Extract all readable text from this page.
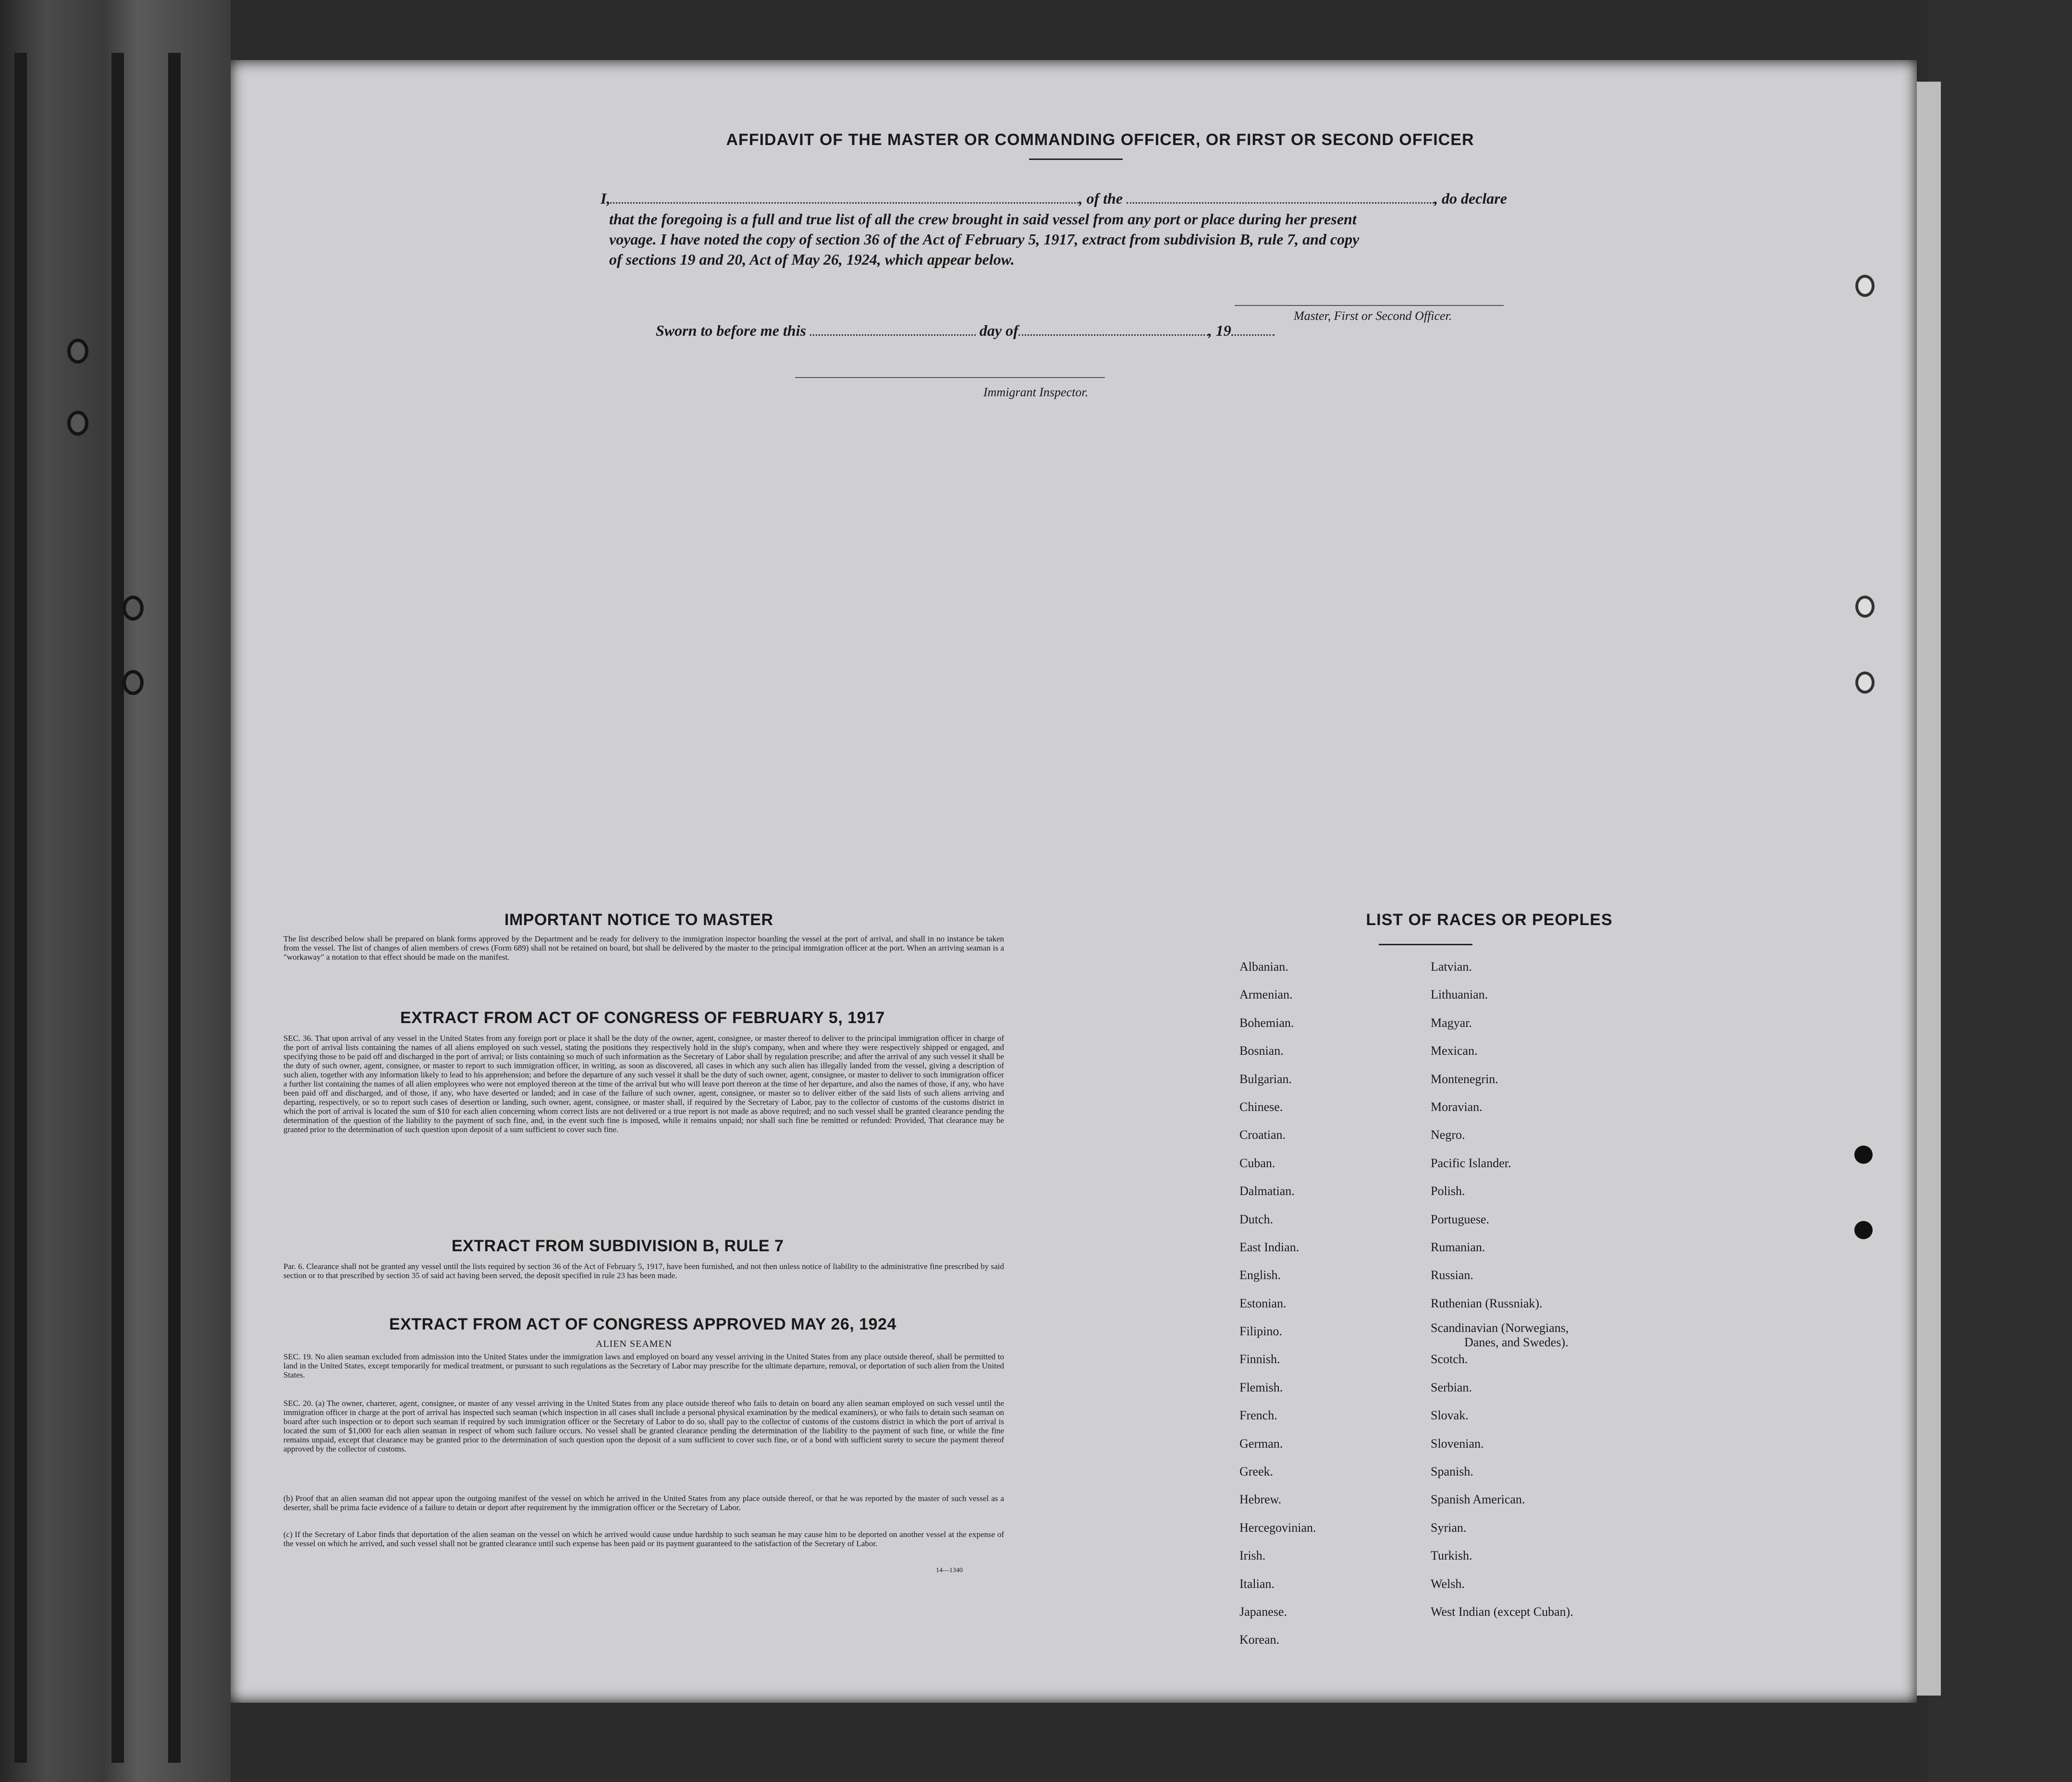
AFFIDAVIT OF THE MASTER OR COMMANDING OFFICER, OR FIRST OR SECOND OFFICER
I,	, of the	, do declare
that the foregoing is a full and true list of all the crew brought in said vessel from any port or place during her present
voyage. I have noted the copy of section 36 of the Act of February 5, 1917, extract from subdivision B, rule 7, and copy
of sections 19 and 20, Act of May 26, 1924, which appear below.
Master, First or Second Officer.
Sworn to before me this	day of	, 19
Immigrant Inspector.
IMPORTANT NOTICE TO MASTER
The list described below shall be prepared on blank forms approved by the Department and be ready for delivery to the immigration inspector boarding the vessel at the port of arrival, and shall in no instance be taken from the vessel. The list of changes of alien members of crews (Form 689) shall not be retained on board, but shall be delivered by the master to the principal immigration officer at the port. When an arriving seaman is a "workaway" a notation to that effect should be made on the manifest.
EXTRACT FROM ACT OF CONGRESS OF FEBRUARY 5, 1917
SEC. 36. That upon arrival of any vessel in the United States from any foreign port or place it shall be the duty of the owner, agent, consignee, or master thereof to deliver to the principal immigration officer in charge of the port of arrival lists containing the names of all aliens employed on such vessel, stating the positions they respectively hold in the ship's company, when and where they were respectively shipped or engaged, and specifying those to be paid off and discharged in the port of arrival; or lists containing so much of such information as the Secretary of Labor shall by regulation prescribe; and after the arrival of any such vessel it shall be the duty of such owner, agent, consignee, or master to report to such immigration officer, in writing, as soon as discovered, all cases in which any such alien has illegally landed from the vessel, giving a description of such alien, together with any information likely to lead to his apprehension; and before the departure of any such vessel it shall be the duty of such owner, agent, consignee, or master to deliver to such immigration officer a further list containing the names of all alien employees who were not employed thereon at the time of the arrival but who will leave port thereon at the time of her departure, and also the names of those, if any, who have been paid off and discharged, and of those, if any, who have deserted or landed; and in case of the failure of such owner, agent, consignee, or master so to deliver either of the said lists of such aliens arriving and departing, respectively, or so to report such cases of desertion or landing, such owner, agent, consignee, or master shall, if required by the Secretary of Labor, pay to the collector of customs of the customs district in which the port of arrival is located the sum of $10 for each alien concerning whom correct lists are not delivered or a true report is not made as above required; and no such vessel shall be granted clearance pending the determination of the question of the liability to the payment of such fine, and, in the event such fine is imposed, while it remains unpaid; nor shall such fine be remitted or refunded: Provided, That clearance may be granted prior to the determination of such question upon deposit of a sum sufficient to cover such fine.
EXTRACT FROM SUBDIVISION B, RULE 7
Par. 6. Clearance shall not be granted any vessel until the lists required by section 36 of the Act of February 5, 1917, have been furnished, and not then unless notice of liability to the administrative fine prescribed by said section or to that prescribed by section 35 of said act having been served, the deposit specified in rule 23 has been made.
EXTRACT FROM ACT OF CONGRESS APPROVED MAY 26, 1924
ALIEN SEAMEN
SEC. 19. No alien seaman excluded from admission into the United States under the immigration laws and employed on board any vessel arriving in the United States from any place outside thereof, shall be permitted to land in the United States, except temporarily for medical treatment, or pursuant to such regulations as the Secretary of Labor may prescribe for the ultimate departure, removal, or deportation of such alien from the United States.
SEC. 20. (a) The owner, charterer, agent, consignee, or master of any vessel arriving in the United States from any place outside thereof who fails to detain on board any alien seaman employed on such vessel until the immigration officer in charge at the port of arrival has inspected such seaman (which inspection in all cases shall include a personal physical examination by the medical examiners), or who fails to detain such seaman on board after such inspection or to deport such seaman if required by such immigration officer or the Secretary of Labor to do so, shall pay to the collector of customs of the customs district in which the port of arrival is located the sum of $1,000 for each alien seaman in respect of whom such failure occurs. No vessel shall be granted clearance pending the determination of the liability to the payment of such fine, or while the fine remains unpaid, except that clearance may be granted prior to the determination of such question upon the deposit of a sum sufficient to cover such fine, or of a bond with sufficient surety to secure the payment thereof approved by the collector of customs.
(b) Proof that an alien seaman did not appear upon the outgoing manifest of the vessel on which he arrived in the United States from any place outside thereof, or that he was reported by the master of such vessel as a deserter, shall be prima facie evidence of a failure to detain or deport after requirement by the immigration officer or the Secretary of Labor.
(c) If the Secretary of Labor finds that deportation of the alien seaman on the vessel on which he arrived would cause undue hardship to such seaman he may cause him to be deported on another vessel at the expense of the vessel on which he arrived, and such vessel shall not be granted clearance until such expense has been paid or its payment guaranteed to the satisfaction of the Secretary of Labor.
14—1340
LIST OF RACES OR PEOPLES
Albanian.
Armenian.
Bohemian.
Bosnian.
Bulgarian.
Chinese.
Croatian.
Cuban.
Dalmatian.
Dutch.
East Indian.
English.
Estonian.
Filipino.
Finnish.
Flemish.
French.
German.
Greek.
Hebrew.
Hercegovinian.
Irish.
Italian.
Japanese.
Korean.
Latvian.
Lithuanian.
Magyar.
Mexican.
Montenegrin.
Moravian.
Negro.
Pacific Islander.
Polish.
Portuguese.
Rumanian.
Russian.
Ruthenian (Russniak).
Scandinavian (Norwegians,
Danes, and Swedes).
Scotch.
Serbian.
Slovak.
Slovenian.
Spanish.
Spanish American.
Syrian.
Turkish.
Welsh.
West Indian (except Cuban).
